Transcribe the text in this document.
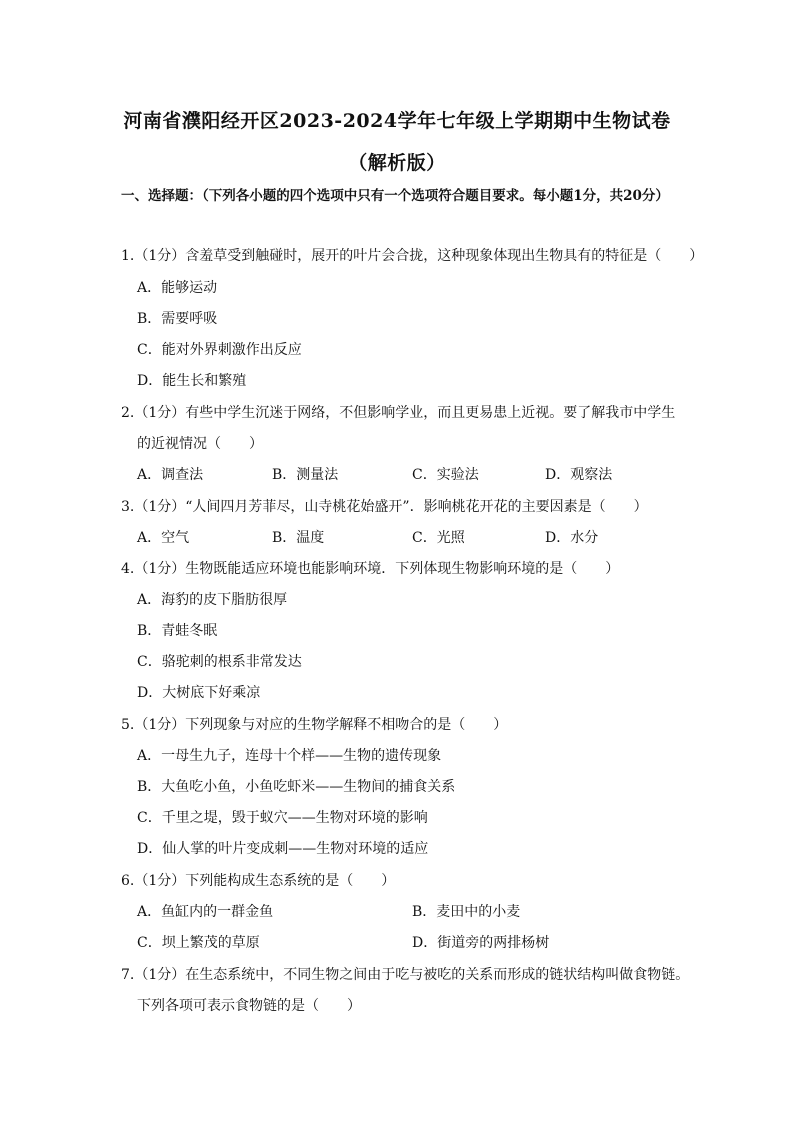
河南省濮阳经开区2023-2024学年七年级上学期期中生物试卷
（解析版）
一、选择题：（下列各小题的四个选项中只有一个选项符合题目要求。每小题1分，共20分）
1.（1分）含羞草受到触碰时，展开的叶片会合拢，这种现象体现出生物具有的特征是（　　）
A．能够运动
B．需要呼吸
C．能对外界刺激作出反应
D．能生长和繁殖
2.（1分）有些中学生沉迷于网络，不但影响学业，而且更易患上近视。要了解我市中学生
的近视情况（　　）
A．调查法	B．测量法	C．实验法	D．观察法
3.（1分）“人间四月芳菲尽，山寺桃花始盛开”．影响桃花开花的主要因素是（　　）
A．空气	B．温度	C．光照	D．水分
4.（1分）生物既能适应环境也能影响环境．下列体现生物影响环境的是（　　）
A．海豹的皮下脂肪很厚
B．青蛙冬眠
C．骆驼刺的根系非常发达
D．大树底下好乘凉
5.（1分）下列现象与对应的生物学解释不相吻合的是（　　）
A．一母生九子，连母十个样——生物的遗传现象
B．大鱼吃小鱼，小鱼吃虾米——生物间的捕食关系
C．千里之堤，毁于蚁穴——生物对环境的影响
D．仙人掌的叶片变成刺——生物对环境的适应
6.（1分）下列能构成生态系统的是（　　）
A．鱼缸内的一群金鱼	B．麦田中的小麦
C．坝上繁茂的草原	D．街道旁的两排杨树
7.（1分）在生态系统中，不同生物之间由于吃与被吃的关系而形成的链状结构叫做食物链。
下列各项可表示食物链的是（　　）
